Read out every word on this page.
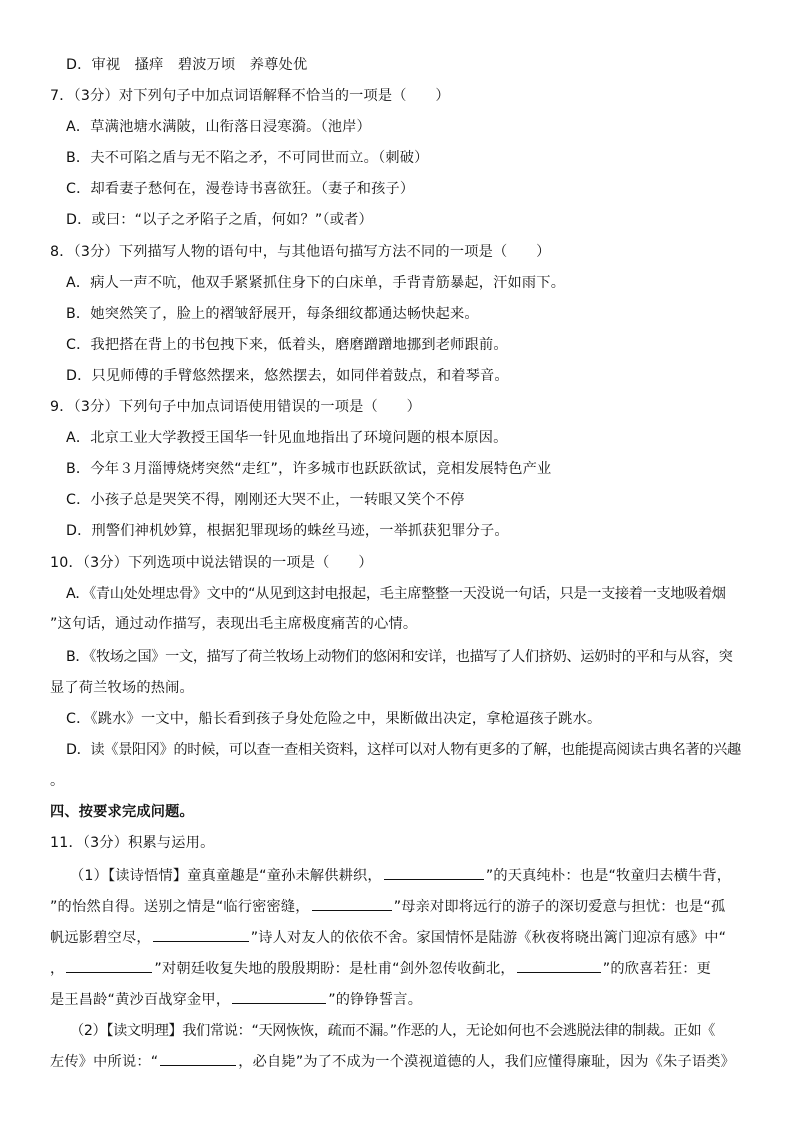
D．审视　搔痒　碧波万顷　养尊处优
7．（3分）对下列句子中加点词语解释不恰当的一项是（　　）
A．草满池塘水满陂，山衔落日浸寒漪。（池岸）
B．夫不可陷之盾与无不陷之矛，不可同世而立。（刺破）
C．却看妻子愁何在，漫卷诗书喜欲狂。（妻子和孩子）
D．或曰：“以子之矛陷子之盾，何如？”（或者）
8．（3分）下列描写人物的语句中，与其他语句描写方法不同的一项是（　　）
A．病人一声不吭，他双手紧紧抓住身下的白床单，手背青筋暴起，汗如雨下。
B．她突然笑了，脸上的褶皱舒展开，每条细纹都通达畅快起来。
C．我把搭在背上的书包拽下来，低着头，磨磨蹭蹭地挪到老师跟前。
D．只见师傅的手臂悠然摆来，悠然摆去，如同伴着鼓点，和着琴音。
9．（3分）下列句子中加点词语使用错误的一项是（　　）
A．北京工业大学教授王国华一针见血地指出了环境问题的根本原因。
B．今年３月淄博烧烤突然“走红”，许多城市也跃跃欲试，竞相发展特色产业
C．小孩子总是哭笑不得，刚刚还大哭不止，一转眼又笑个不停
D．刑警们神机妙算，根据犯罪现场的蛛丝马迹，一举抓获犯罪分子。
10．（3分）下列选项中说法错误的一项是（　　）
A．《青山处处埋忠骨》文中的“从见到这封电报起，毛主席整整一天没说一句话，只是一支接着一支地吸着烟
”这句话，通过动作描写，表现出毛主席极度痛苦的心情。
B．《牧场之国》一文，描写了荷兰牧场上动物们的悠闲和安详，也描写了人们挤奶、运奶时的平和与从容，突
显了荷兰牧场的热闹。
C．《跳水》一文中，船长看到孩子身处危险之中，果断做出决定，拿枪逼孩子跳水。
D．读《景阳冈》的时候，可以查一查相关资料，这样可以对人物有更多的了解，也能提高阅读古典名著的兴趣
。
四、按要求完成问题。
11．（3分）积累与运用。
（1）【读诗悟情】童真童趣是“童孙未解供耕织，	”的天真纯朴：也是“牧童归去横牛背，
”的怡然自得。送别之情是“临行密密缝，	”母亲对即将远行的游子的深切爱意与担忧：也是“孤
帆远影碧空尽，	”诗人对友人的依依不舍。家国情怀是陆游《秋夜将晓出篱门迎凉有感》中“
，	”对朝廷收复失地的殷殷期盼：是杜甫“剑外忽传收蓟北，	”的欣喜若狂：更
是王昌龄“黄沙百战穿金甲，	”的铮铮誓言。
（2）【读文明理】我们常说：“天网恢恢，疏而不漏。”作恶的人，无论如何也不会逃脱法律的制裁。正如《
左传》中所说：“	，必自毙”为了不成为一个漠视道德的人，我们应懂得廉耻，因为《朱子语类》
